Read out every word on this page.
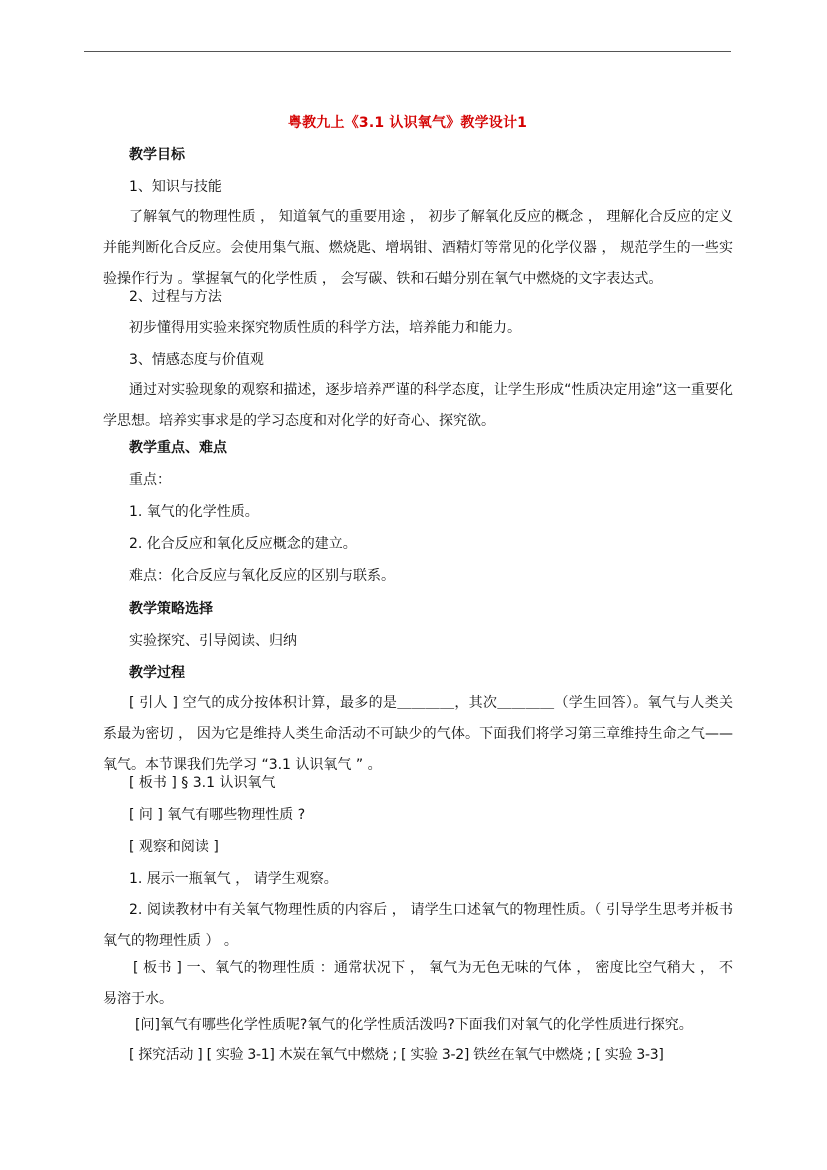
粤教九上《3.1 认识氧气》教学设计1
教学目标
1、知识与技能
了解氧气的物理性质 ， 知道氧气的重要用途 ， 初步了解氧化反应的概念 ， 理解化合反应的定义并能判断化合反应。会使用集气瓶、燃烧匙、增埚钳、酒精灯等常见的化学仪器 ， 规范学生的一些实验操作行为 。掌握氧气的化学性质 ， 会写碳、铁和石蜡分别在氧气中燃烧的文字表达式。
2、过程与方法
初步懂得用实验来探究物质性质的科学方法，培养能力和能力。
3、情感态度与价值观
通过对实验现象的观察和描述，逐步培养严谨的科学态度，让学生形成“性质决定用途”这一重要化学思想。培养实事求是的学习态度和对化学的好奇心、探究欲。
教学重点、难点
重点：
1. 氧气的化学性质。
2. 化合反应和氧化反应概念的建立。
难点：化合反应与氧化反应的区别与联系。
教学策略选择
实验探究、引导阅读、归纳
教学过程
[ 引人 ] 空气的成分按体积计算，最多的是＿＿＿＿，其次＿＿＿＿（学生回答）。氧气与人类关系最为密切 ， 因为它是维持人类生命活动不可缺少的气体。下面我们将学习第三章维持生命之气——氧气。本节课我们先学习 “3.1 认识氧气 ” 。
[ 板书 ] § 3.1 认识氧气
[ 问 ] 氧气有哪些物理性质 ?
[ 观察和阅读 ]
1. 展示一瓶氧气 ， 请学生观察。
2. 阅读教材中有关氧气物理性质的内容后 ， 请学生口述氧气的物理性质。（ 引导学生思考并板书氧气的物理性质 ） 。
[ 板书 ] 一、氧气的物理性质 ：通常状况下 ， 氧气为无色无味的气体 ， 密度比空气稍大 ， 不易溶于水。
[问]氧气有哪些化学性质呢?氧气的化学性质活泼吗?下面我们对氧气的化学性质进行探究。
[ 探究活动 ] [ 实验 3-1] 木炭在氧气中燃烧 ; [ 实验 3-2] 铁丝在氧气中燃烧 ; [ 实验 3-3]
